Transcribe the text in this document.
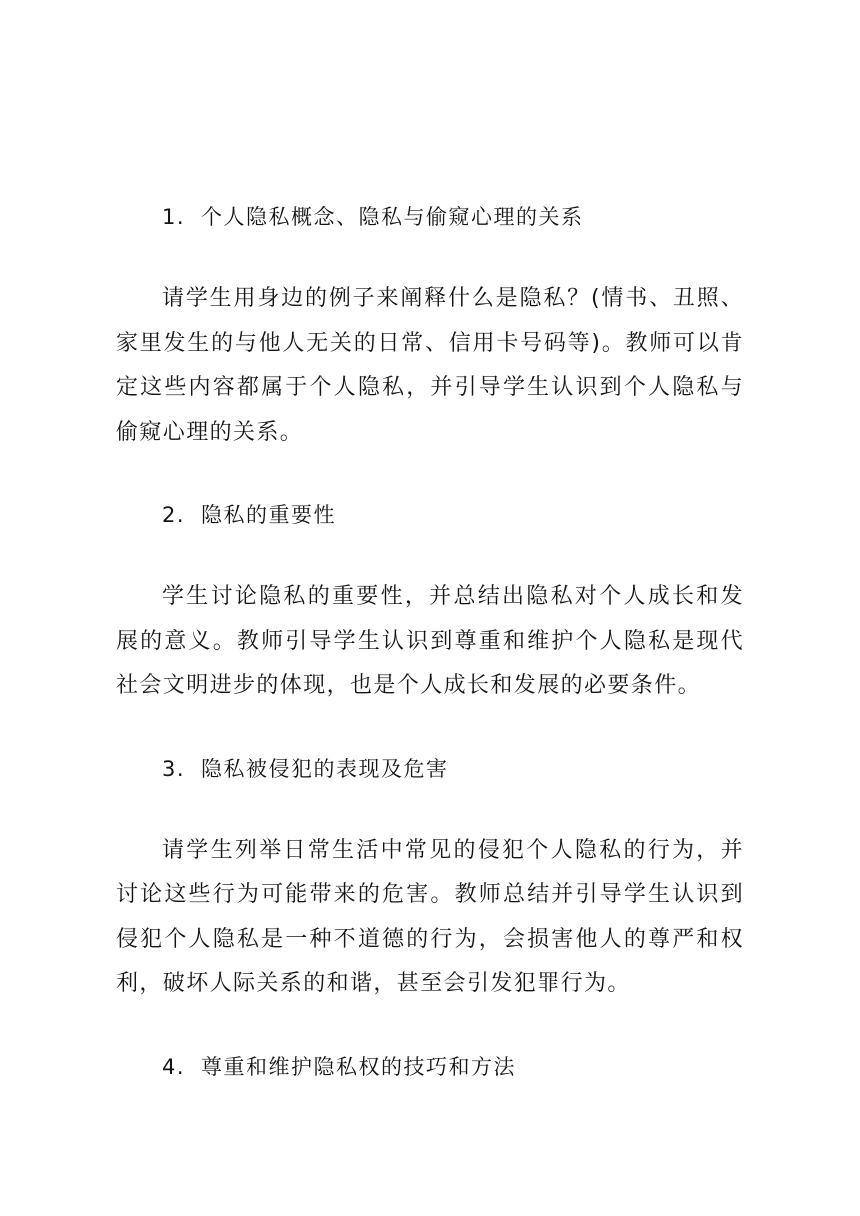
1. 个人隐私概念、隐私与偷窥心理的关系

请学生用身边的例子来阐释什么是隐私？(情书、丑照、家里发生的与他人无关的日常、信用卡号码等)。教师可以肯定这些内容都属于个人隐私，并引导学生认识到个人隐私与偷窥心理的关系。

2. 隐私的重要性

学生讨论隐私的重要性，并总结出隐私对个人成长和发展的意义。教师引导学生认识到尊重和维护个人隐私是现代社会文明进步的体现，也是个人成长和发展的必要条件。

3. 隐私被侵犯的表现及危害

请学生列举日常生活中常见的侵犯个人隐私的行为，并讨论这些行为可能带来的危害。教师总结并引导学生认识到侵犯个人隐私是一种不道德的行为，会损害他人的尊严和权利，破坏人际关系的和谐，甚至会引发犯罪行为。

4. 尊重和维护隐私权的技巧和方法
